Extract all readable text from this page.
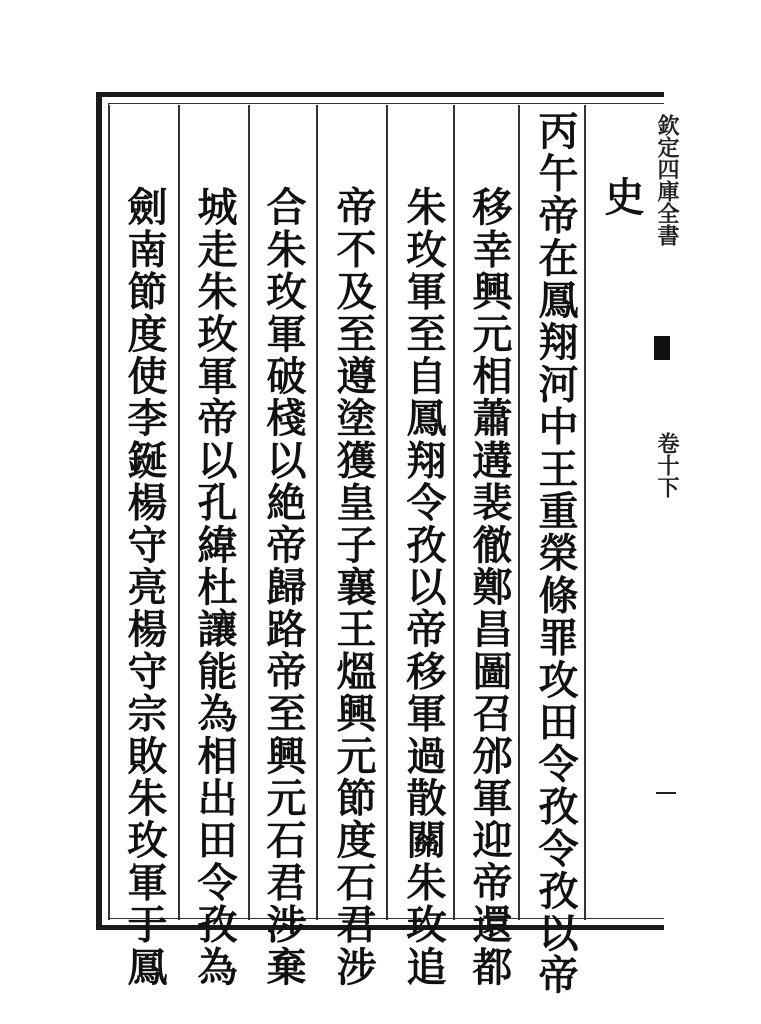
史
丙午帝在鳳翔河中王重榮條罪攻田令孜令孜以帝
移幸興元相蕭遘裴徹鄭昌圖召邠軍迎帝還都
朱玫軍至自鳳翔令孜以帝移軍過散關朱玫追
帝不及至遵塗獲皇子襄王熅興元節度石君涉
合朱玫軍破棧以絶帝歸路帝至興元石君涉棄
城走朱玫軍帝以孔緯杜讓能為相出田令孜為
劍南節度使李鋋楊守亮楊守宗敗朱玫軍于鳳
欽定四庫全書
卷十下
